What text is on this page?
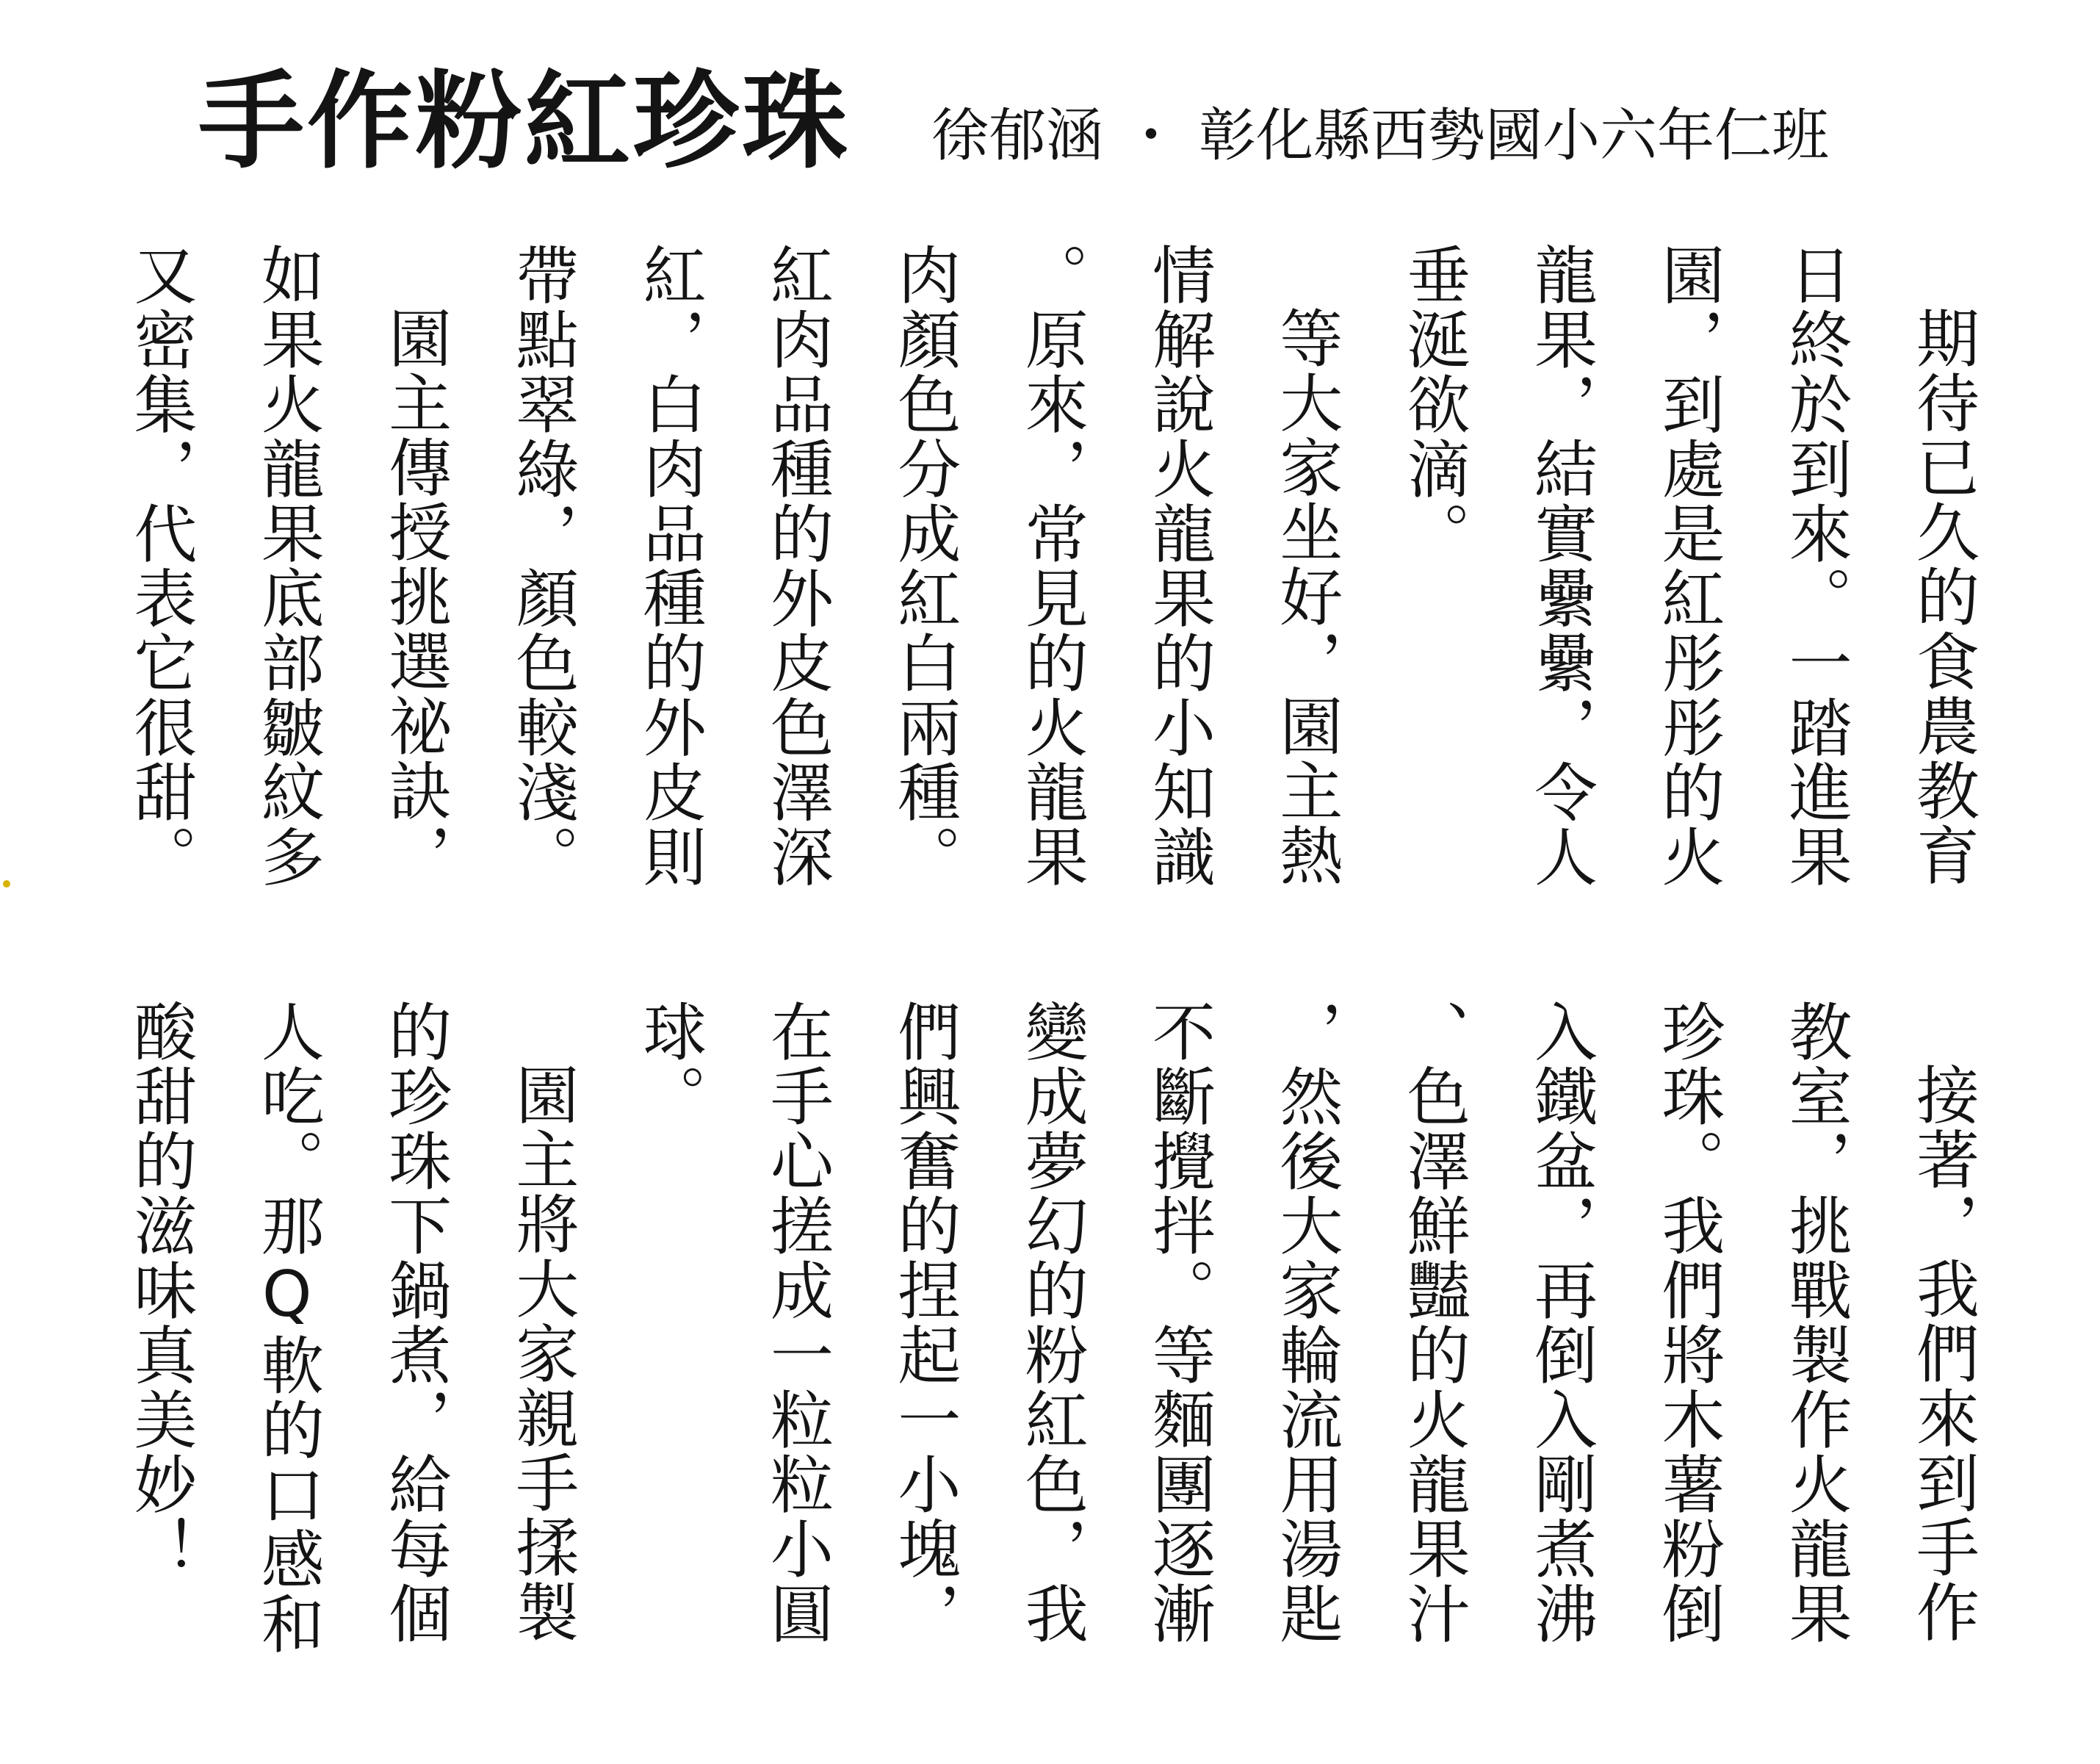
手作粉紅珍珠 徐郁涵 ・ 彰化縣西勢國小六年仁班
期待已久的食農教育
日終於到來。一踏進果
園，到處是紅彤彤的火
龍果，結實纍纍，令人
垂涎欲滴。
等大家坐好，園主熱
情解說火龍果的小知識
。原來，常見的火龍果
肉顏色分成紅白兩種。
紅肉品種的外皮色澤深
紅，白肉品種的外皮則
帶點翠綠，顏色較淺。
園主傳授挑選祕訣，
如果火龍果底部皺紋多
又密集，代表它很甜。
接著，我們來到手作
教室，挑戰製作火龍果
珍珠。我們將木薯粉倒
入鐵盆，再倒入剛煮沸
、色澤鮮豔的火龍果汁
，然後大家輪流用湯匙
不斷攪拌。等麵團逐漸
變成夢幻的粉紅色，我
們興奮的捏起一小塊，
在手心搓成一粒粒小圓
球。
園主將大家親手揉製
的珍珠下鍋煮，給每個
人吃。那Q軟的口感和
酸甜的滋味真美妙！
